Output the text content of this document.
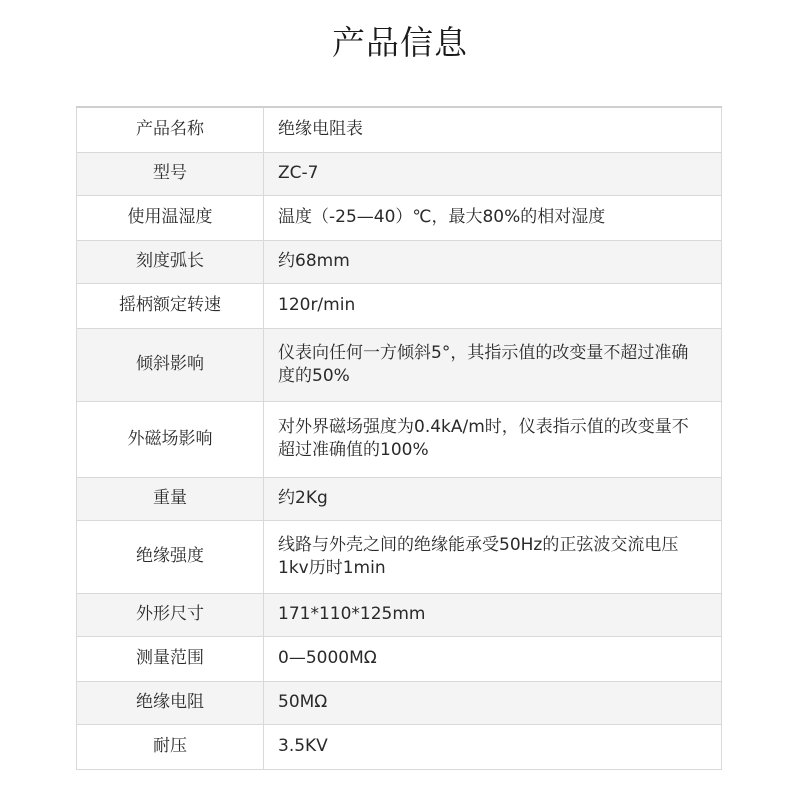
产品信息
产品名称	绝缘电阻表
型号	ZC-7
使用温湿度	温度（-25—40）℃，最大80%的相对湿度
刻度弧长	约68mm
摇柄额定转速	120r/min
倾斜影响	仪表向任何一方倾斜5°，其指示值的改变量不超过准确度的50%
外磁场影响	对外界磁场强度为0.4kA/m时，仪表指示值的改变量不超过准确值的100%
重量	约2Kg
绝缘强度	线路与外壳之间的绝缘能承受50Hz的正弦波交流电压1kv历时1min
外形尺寸	171*110*125mm
测量范围	0—5000MΩ
绝缘电阻	50MΩ
耐压	3.5KV
